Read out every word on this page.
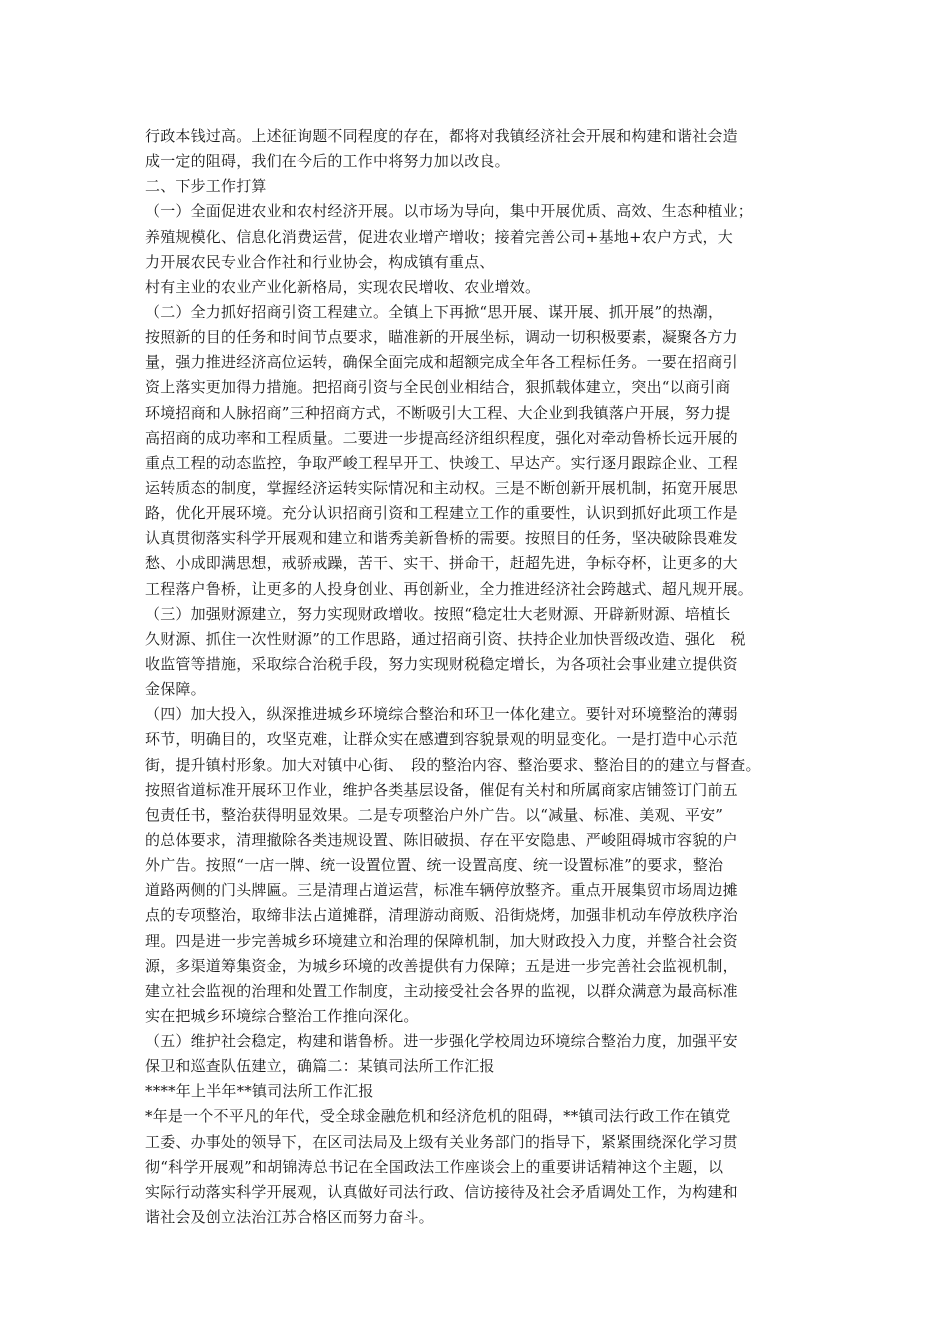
行政本钱过高。上述征询题不同程度的存在，都将对我镇经济社会开展和构建和谐社会造
成一定的阻碍，我们在今后的工作中将努力加以改良。
二、下步工作打算
（一）全面促进农业和农村经济开展。以市场为导向，集中开展优质、高效、生态种植业；
养殖规模化、信息化消费运营，促进农业增产增收；接着完善公司+基地+农户方式，大
力开展农民专业合作社和行业协会，构成镇有重点、
村有主业的农业产业化新格局，实现农民增收、农业增效。
（二）全力抓好招商引资工程建立。全镇上下再掀“思开展、谋开展、抓开展”的热潮，
按照新的目的任务和时间节点要求，瞄准新的开展坐标，调动一切积极要素，凝聚各方力
量，强力推进经济高位运转，确保全面完成和超额完成全年各工程标任务。一要在招商引
资上落实更加得力措施。把招商引资与全民创业相结合，狠抓载体建立，突出“以商引商
环境招商和人脉招商”三种招商方式，不断吸引大工程、大企业到我镇落户开展，努力提
高招商的成功率和工程质量。二要进一步提高经济组织程度，强化对牵动鲁桥长远开展的
重点工程的动态监控，争取严峻工程早开工、快竣工、早达产。实行逐月跟踪企业、工程
运转质态的制度，掌握经济运转实际情况和主动权。三是不断创新开展机制，拓宽开展思
路，优化开展环境。充分认识招商引资和工程建立工作的重要性，认识到抓好此项工作是
认真贯彻落实科学开展观和建立和谐秀美新鲁桥的需要。按照目的任务，坚决破除畏难发
愁、小成即满思想，戒骄戒躁，苦干、实干、拼命干，赶超先进，争标夺杯，让更多的大
工程落户鲁桥，让更多的人投身创业、再创新业，全力推进经济社会跨越式、超凡规开展。
（三）加强财源建立，努力实现财政增收。按照“稳定壮大老财源、开辟新财源、培植长
久财源、抓住一次性财源”的工作思路，通过招商引资、扶持企业加快晋级改造、强化　税
收监管等措施，采取综合治税手段，努力实现财税稳定增长，为各项社会事业建立提供资
金保障。
（四）加大投入，纵深推进城乡环境综合整治和环卫一体化建立。要针对环境整治的薄弱
环节，明确目的，攻坚克难，让群众实在感遭到容貌景观的明显变化。一是打造中心示范
街，提升镇村形象。加大对镇中心街、　段的整治内容、整治要求、整治目的的建立与督查。
按照省道标准开展环卫作业，维护各类基层设备，催促有关村和所属商家店铺签订门前五
包责任书，整治获得明显效果。二是专项整治户外广告。以“减量、标准、美观、平安”
的总体要求，清理撤除各类违规设置、陈旧破损、存在平安隐患、严峻阻碍城市容貌的户
外广告。按照“一店一牌、统一设置位置、统一设置高度、统一设置标准”的要求，整治
道路两侧的门头牌匾。三是清理占道运营，标准车辆停放整齐。重点开展集贸市场周边摊
点的专项整治，取缔非法占道摊群，清理游动商贩、沿街烧烤，加强非机动车停放秩序治
理。四是进一步完善城乡环境建立和治理的保障机制，加大财政投入力度，并整合社会资
源，多渠道筹集资金，为城乡环境的改善提供有力保障；五是进一步完善社会监视机制，
建立社会监视的治理和处置工作制度，主动接受社会各界的监视，以群众满意为最高标准
实在把城乡环境综合整治工作推向深化。
（五）维护社会稳定，构建和谐鲁桥。进一步强化学校周边环境综合整治力度，加强平安
保卫和巡查队伍建立，确篇二：某镇司法所工作汇报
****年上半年**镇司法所工作汇报
*年是一个不平凡的年代，受全球金融危机和经济危机的阻碍，**镇司法行政工作在镇党
工委、办事处的领导下，在区司法局及上级有关业务部门的指导下，紧紧围绕深化学习贯
彻“科学开展观”和胡锦涛总书记在全国政法工作座谈会上的重要讲话精神这个主题，以
实际行动落实科学开展观，认真做好司法行政、信访接待及社会矛盾调处工作，为构建和
谐社会及创立法治江苏合格区而努力奋斗。
